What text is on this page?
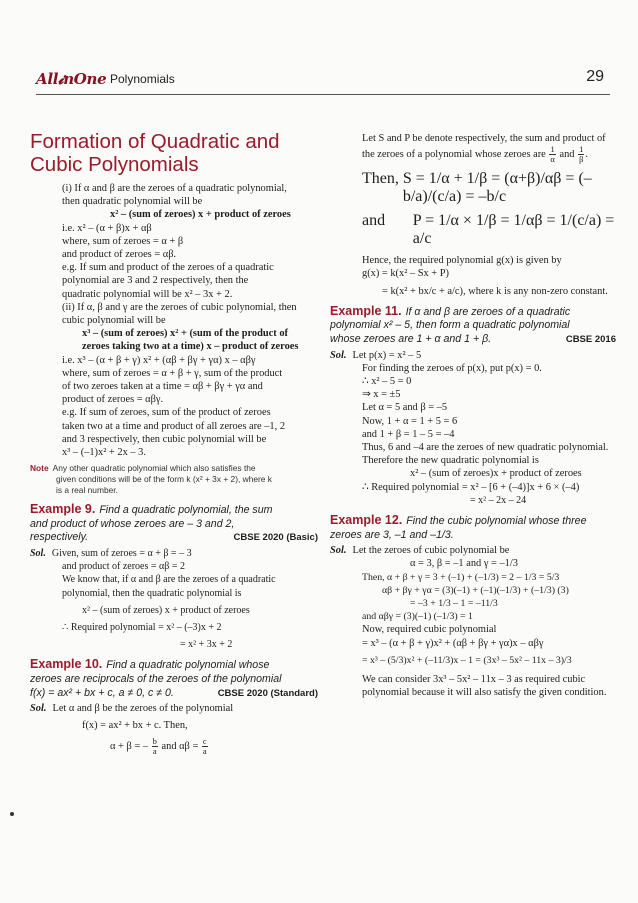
All𝓲nOne Polynomials	29
Formation of Quadratic and
Cubic Polynomials

(i) If α and β are the zeroes of a quadratic polynomial,

then quadratic polynomial will be

x² – (sum of zeroes) x + product of zeroes

i.e. x² – (α + β)x + αβ

where, sum of zeroes = α + β

and product of zeroes = αβ.

e.g. If sum and product of the zeroes of a quadratic

polynomial are 3 and 2 respectively, then the

quadratic polynomial will be x² – 3x + 2.

(ii) If α, β and γ are the zeroes of cubic polynomial, then

cubic polynomial will be

x³ – (sum of zeroes) x² + (sum of the product of

zeroes taking two at a time) x – product of zeroes

i.e. x³ – (α + β + γ) x² + (αβ + βγ + γα) x – αβγ

where, sum of zeroes = α + β + γ, sum of the product

of two zeroes taken at a time = αβ + βγ + γα and

product of zeroes = αβγ.

e.g. If sum of zeroes, sum of the product of zeroes

taken two at a time and product of all zeroes are –1, 2

and 3 respectively, then cubic polynomial will be

x³ – (–1)x² + 2x – 3.

Note Any other quadratic polynomial which also satisfies the
given conditions will be of the form k (x² + 3x + 2), where k
is a real number.
Example 9. Find a quadratic polynomial, the sum
and product of whose zeroes are – 3 and 2,
respectively.	CBSE 2020 (Basic)

Sol. Given, sum of zeroes = α + β = – 3

and product of zeroes = αβ = 2

We know that, if α and β are the zeroes of a quadratic

polynomial, then the quadratic polynomial is

x² – (sum of zeroes) x + product of zeroes

∴ Required polynomial = x² – (–3)x + 2

= x² + 3x + 2

Example 10. Find a quadratic polynomial whose
zeroes are reciprocals of the zeroes of the polynomial
f(x) = ax² + bx + c, a ≠ 0, c ≠ 0.	CBSE 2020 (Standard)

Sol. Let α and β be the zeroes of the polynomial

f(x) = ax² + bx + c. Then,

α + β = – $\frac{b}{a}$ and $\alpha\beta = \frac{c}{a}$

Let S and P be denote respectively, the sum and product of

the zeroes of a polynomial whose zeroes are $\frac{1}{\alpha}$ and $\frac{1}{\beta}$ .

Then, S = 1/α + 1/β = (α+β)/αβ = (–b/a)/(c/a) = –b/c
and	P = 1/α × 1/β = 1/αβ = 1/(c/a) = a/c

Hence, the required polynomial g(x) is given by

g(x) = k(x² – Sx + P)

= k(x² + bx/c + a/c), where k is any non-zero constant.

Example 11. If α and β are zeroes of a quadratic
polynomial x² – 5, then form a quadratic polynomial
whose zeroes are 1 + α and 1 + β.	CBSE 2016

Sol. Let p(x) = x² – 5

For finding the zeroes of p(x), put p(x) = 0.

∴ x² – 5 = 0

⇒ x = ±5

Let α = 5 and β = –5

Now, 1 + α = 1 + 5 = 6

and 1 + β = 1 – 5 = –4

Thus, 6 and –4 are the zeroes of new quadratic polynomial.

Therefore the new quadratic polynomial is

x² – (sum of zeroes)x + product of zeroes

∴ Required polynomial = x² – [6 + (–4)]x + 6 × (–4)

= x² – 2x – 24

Example 12. Find the cubic polynomial whose three
zeroes are 3, –1 and –1/3.

Sol. Let the zeroes of cubic polynomial be

α = 3, β = –1 and γ = –1/3

Then, α + β + γ = 3 + (–1) + (–1/3) = 2 – 1/3 = 5/3

αβ + βγ + γα = (3)(–1) + (–1)(–1/3) + (–1/3) (3)

= –3 + 1/3 – 1 = –11/3

and αβγ = (3)(–1) (–1/3) = 1

Now, required cubic polynomial

= x³ – (α + β + γ)x² + (αβ + βγ + γα)x – αβγ

= x³ – (5/3)x² + (–11/3)x – 1 = (3x³ – 5x² – 11x – 3)/3

We can consider 3x³ – 5x² – 11x – 3 as required cubic

polynomial because it will also satisfy the given condition.
